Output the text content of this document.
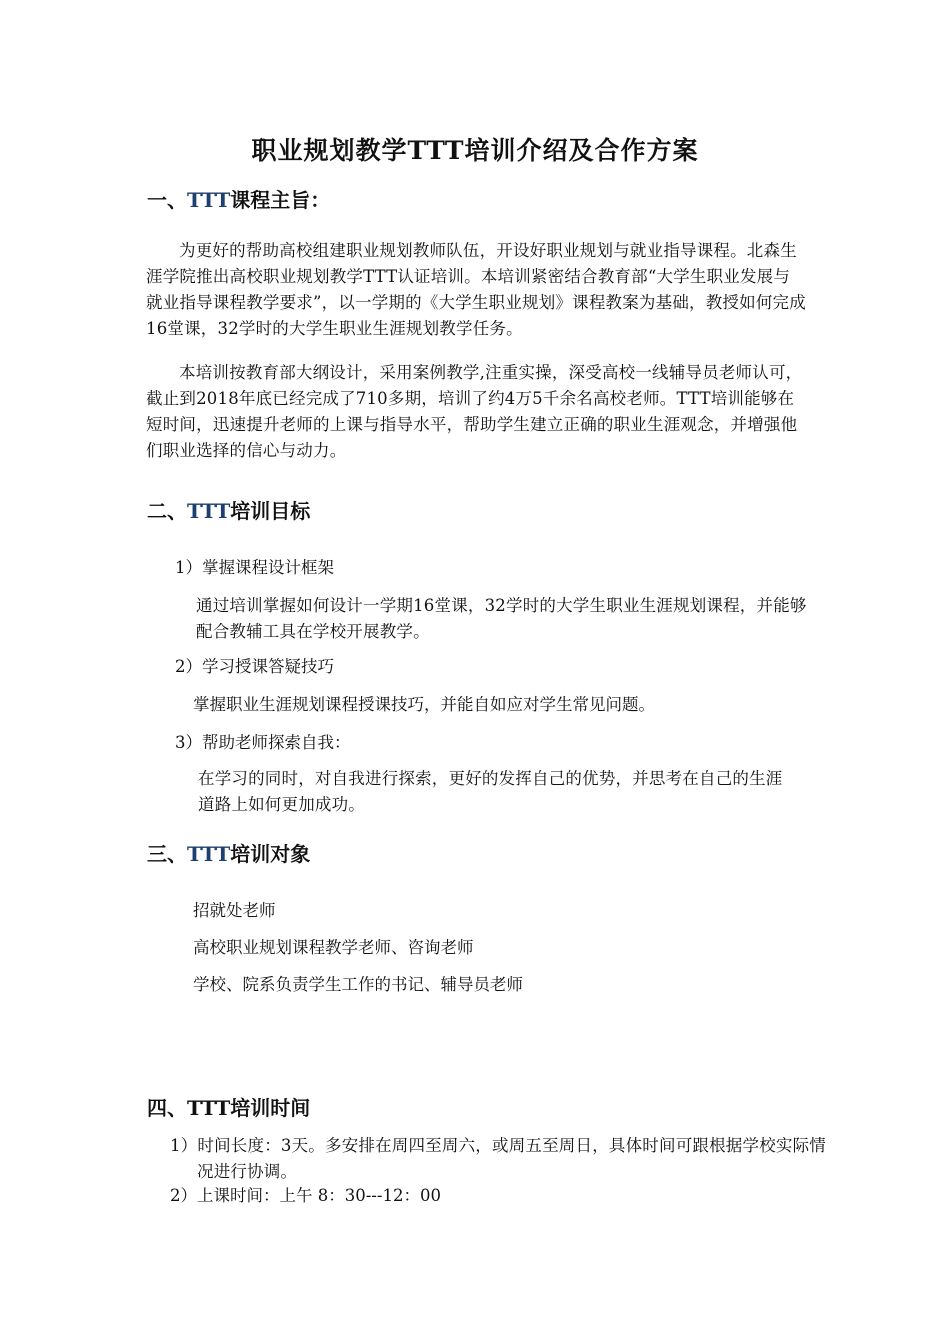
职业规划教学TTT培训介绍及合作方案
一、TTT课程主旨：
为更好的帮助高校组建职业规划教师队伍，开设好职业规划与就业指导课程。北森生涯学院推出高校职业规划教学TTT认证培训。本培训紧密结合教育部“大学生职业发展与就业指导课程教学要求”，以一学期的《大学生职业规划》课程教案为基础，教授如何完成16堂课，32学时的大学生职业生涯规划教学任务。
本培训按教育部大纲设计，采用案例教学,注重实操，深受高校一线辅导员老师认可，截止到2018年底已经完成了710多期，培训了约4万5千余名高校老师。TTT培训能够在短时间，迅速提升老师的上课与指导水平，帮助学生建立正确的职业生涯观念，并增强他们职业选择的信心与动力。
二、TTT培训目标
1）掌握课程设计框架
通过培训掌握如何设计一学期16堂课，32学时的大学生职业生涯规划课程，并能够配合教辅工具在学校开展教学。
2）学习授课答疑技巧
掌握职业生涯规划课程授课技巧，并能自如应对学生常见问题。
3）帮助老师探索自我：
在学习的同时，对自我进行探索，更好的发挥自己的优势，并思考在自己的生涯道路上如何更加成功。
三、TTT培训对象
招就处老师
高校职业规划课程教学老师、咨询老师
学校、院系负责学生工作的书记、辅导员老师
四、TTT培训时间
1）时间长度：3天。多安排在周四至周六，或周五至周日，具体时间可跟根据学校实际情况进行协调。
2）上课时间：上午 8：30---12：00
